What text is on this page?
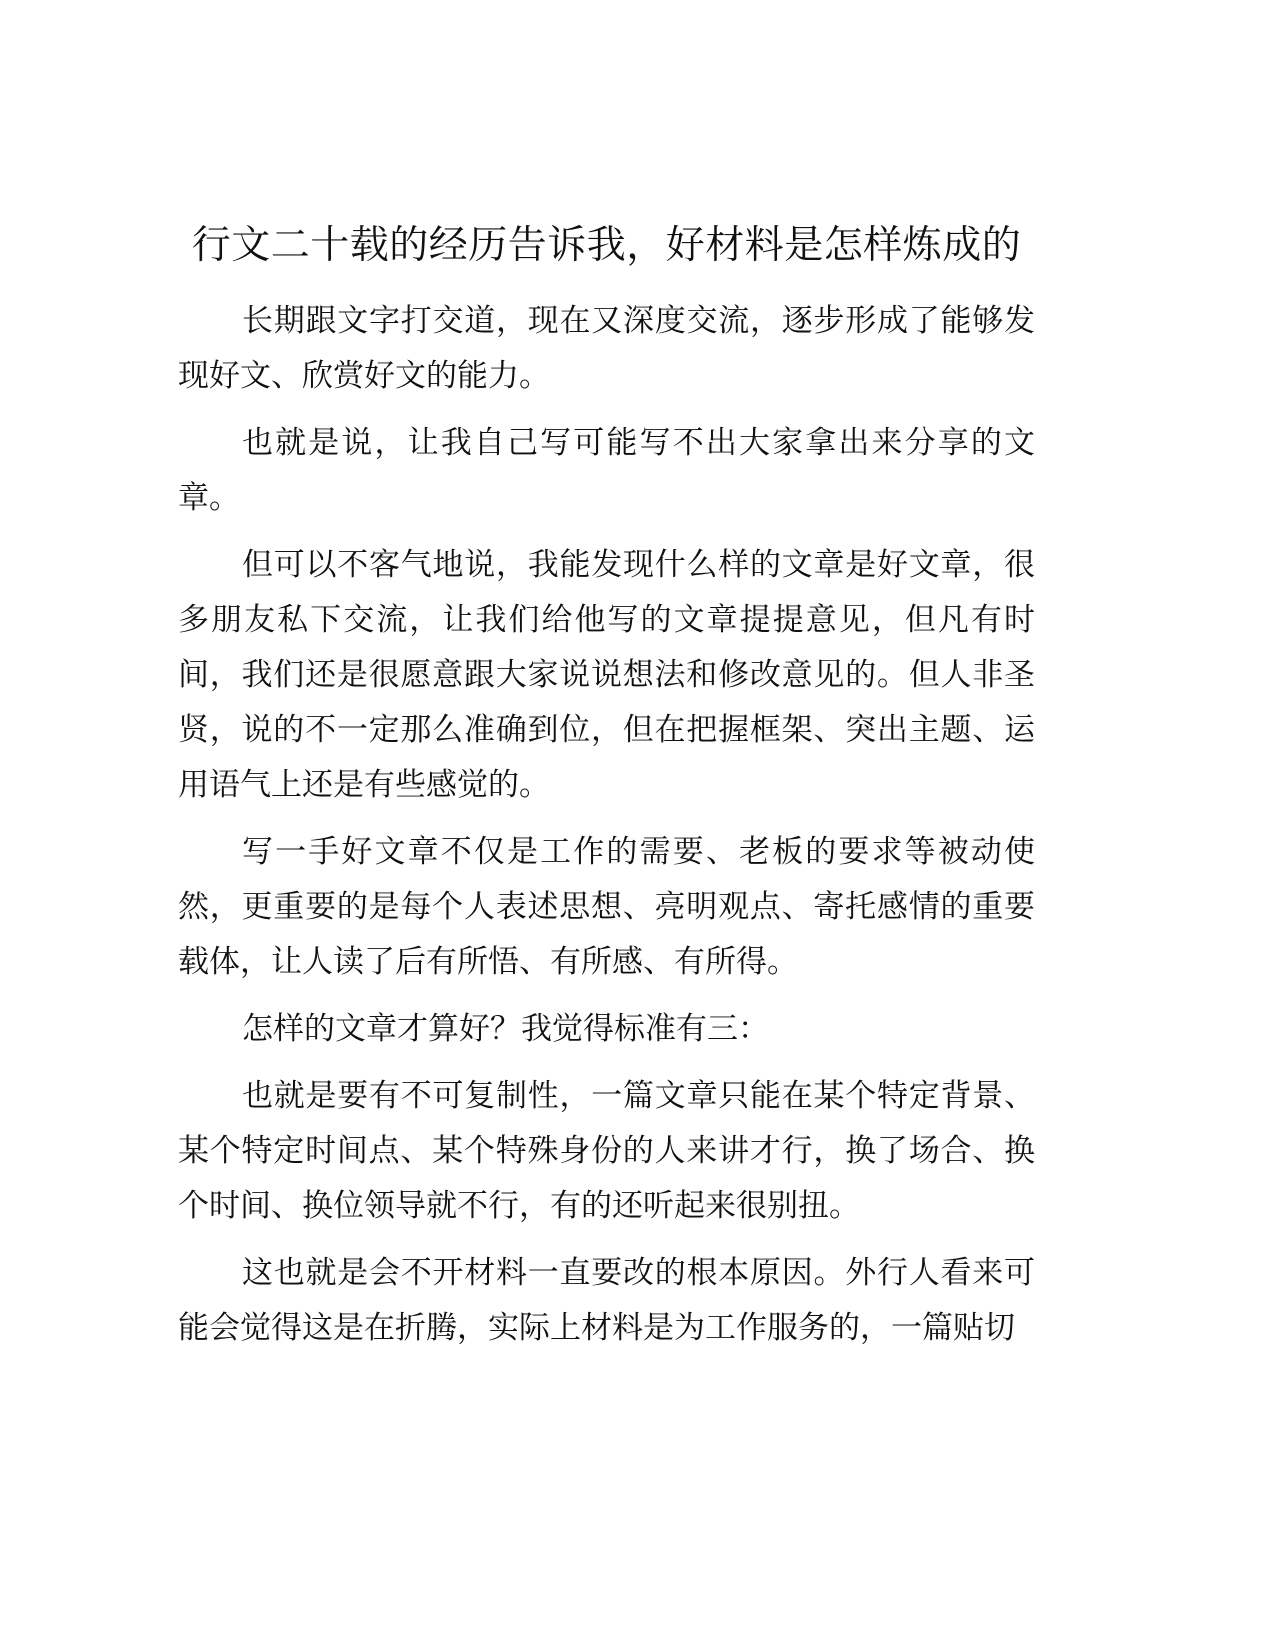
行文二十载的经历告诉我，好材料是怎样炼成的

长期跟文字打交道，现在又深度交流，逐步形成了能够发现好文、欣赏好文的能力。

也就是说，让我自己写可能写不出大家拿出来分享的文章。

但可以不客气地说，我能发现什么样的文章是好文章，很多朋友私下交流，让我们给他写的文章提提意见，但凡有时间，我们还是很愿意跟大家说说想法和修改意见的。但人非圣贤，说的不一定那么准确到位，但在把握框架、突出主题、运用语气上还是有些感觉的。

写一手好文章不仅是工作的需要、老板的要求等被动使然，更重要的是每个人表述思想、亮明观点、寄托感情的重要载体，让人读了后有所悟、有所感、有所得。

怎样的文章才算好？我觉得标准有三：

也就是要有不可复制性，一篇文章只能在某个特定背景、某个特定时间点、某个特殊身份的人来讲才行，换了场合、换个时间、换位领导就不行，有的还听起来很别扭。

这也就是会不开材料一直要改的根本原因。外行人看来可能会觉得这是在折腾，实际上材料是为工作服务的，一篇贴切
